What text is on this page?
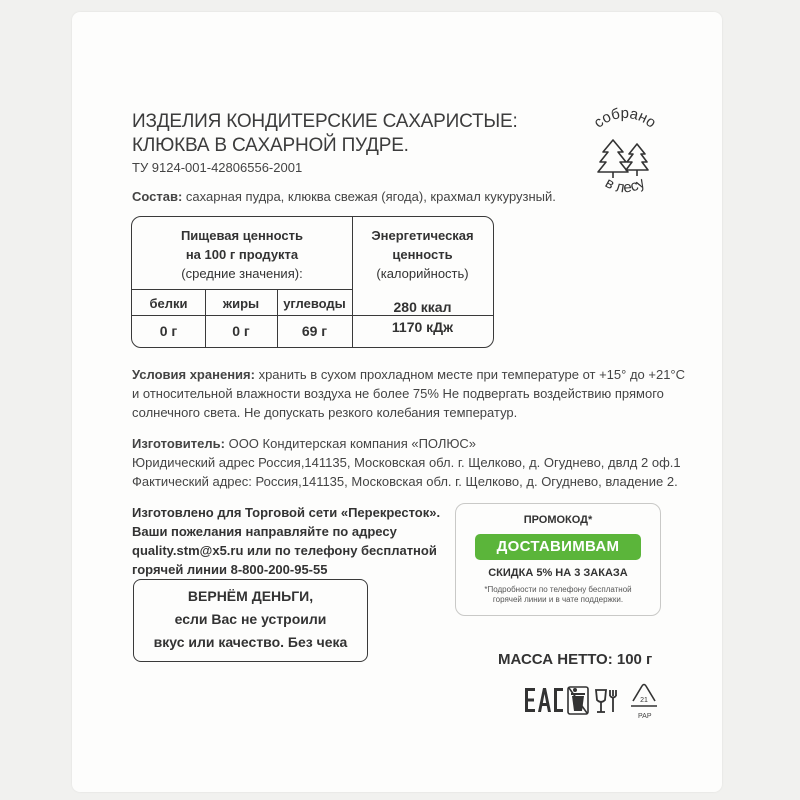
ИЗДЕЛИЯ КОНДИТЕРСКИЕ САХАРИСТЫЕ:
КЛЮКВА В САХАРНОЙ ПУДРЕ.
ТУ 9124-001-42806556-2001
Состав: сахарная пудра, клюква свежая (ягода), крахмал кукурузный.
собрано
в лесу
Пищевая ценность
на 100 г продукта
(средние значения):
Энергетическая
ценность
(калорийность)
белки	жиры	углеводы
0 г	0 г	69 г
280 ккал
1170 кДж
Условия хранения: хранить в сухом прохладном месте при температуре от +15° до +21°С
и относительной влажности воздуха не более 75% Не подвергать воздействию прямого
солнечного света. Не допускать резкого колебания температур.
Изготовитель: ООО Кондитерская компания «ПОЛЮС»
Юридический адрес Россия,141135, Московская обл. г. Щелково, д. Огуднево, двлд 2 оф.1
Фактический адрес: Россия,141135, Московская обл. г. Щелково, д. Огуднево, владение 2.
Изготовлено для Торговой сети «Перекресток».
Ваши пожелания направляйте по адресу
quality.stm@x5.ru или по телефону бесплатной
горячей линии 8-800-200-95-55
ВЕРНЁМ ДЕНЬГИ,
если Вас не устроили
вкус или качество. Без чека
ПРОМОКОД*
ДОСТАВИМВАМ
СКИДКА 5% НА 3 ЗАКАЗА
*Подробности по телефону бесплатной
горячей линии и в чате поддержки.
МАССА НЕТТО: 100 г
21
PAP
